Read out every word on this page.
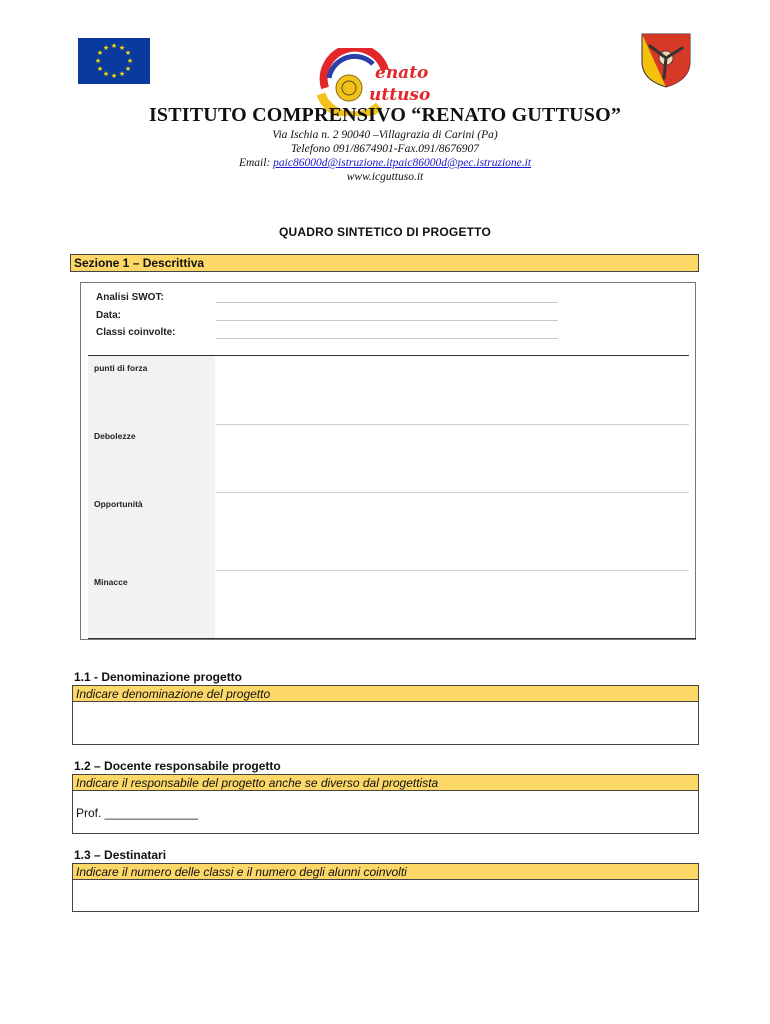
★ ★
★
★
★
★
★
★
★
★
★
★
enato
uttuso
ISTITUTO COMPRENSIVO “RENATO GUTTUSO”
Via Ischia n. 2 90040 –Villagrazia di Carini (Pa)
Telefono 091/8674901-Fax.091/8676907
Email: paic86000d@istruzione.itpaic86000d@pec.istruzione.it
www.icguttuso.it
QUADRO SINTETICO DI PROGETTO
Sezione 1 – Descrittiva
Analisi SWOT:
Data:
Classi coinvolte:
punti di forza
Debolezze
Opportunità
Minacce
1.1 - Denominazione progetto
Indicare denominazione del progetto
1.2 – Docente responsabile progetto
Indicare il responsabile del progetto anche se diverso dal progettista
Prof. ______________
1.3 – Destinatari
Indicare il numero delle classi e il numero degli alunni coinvolti
